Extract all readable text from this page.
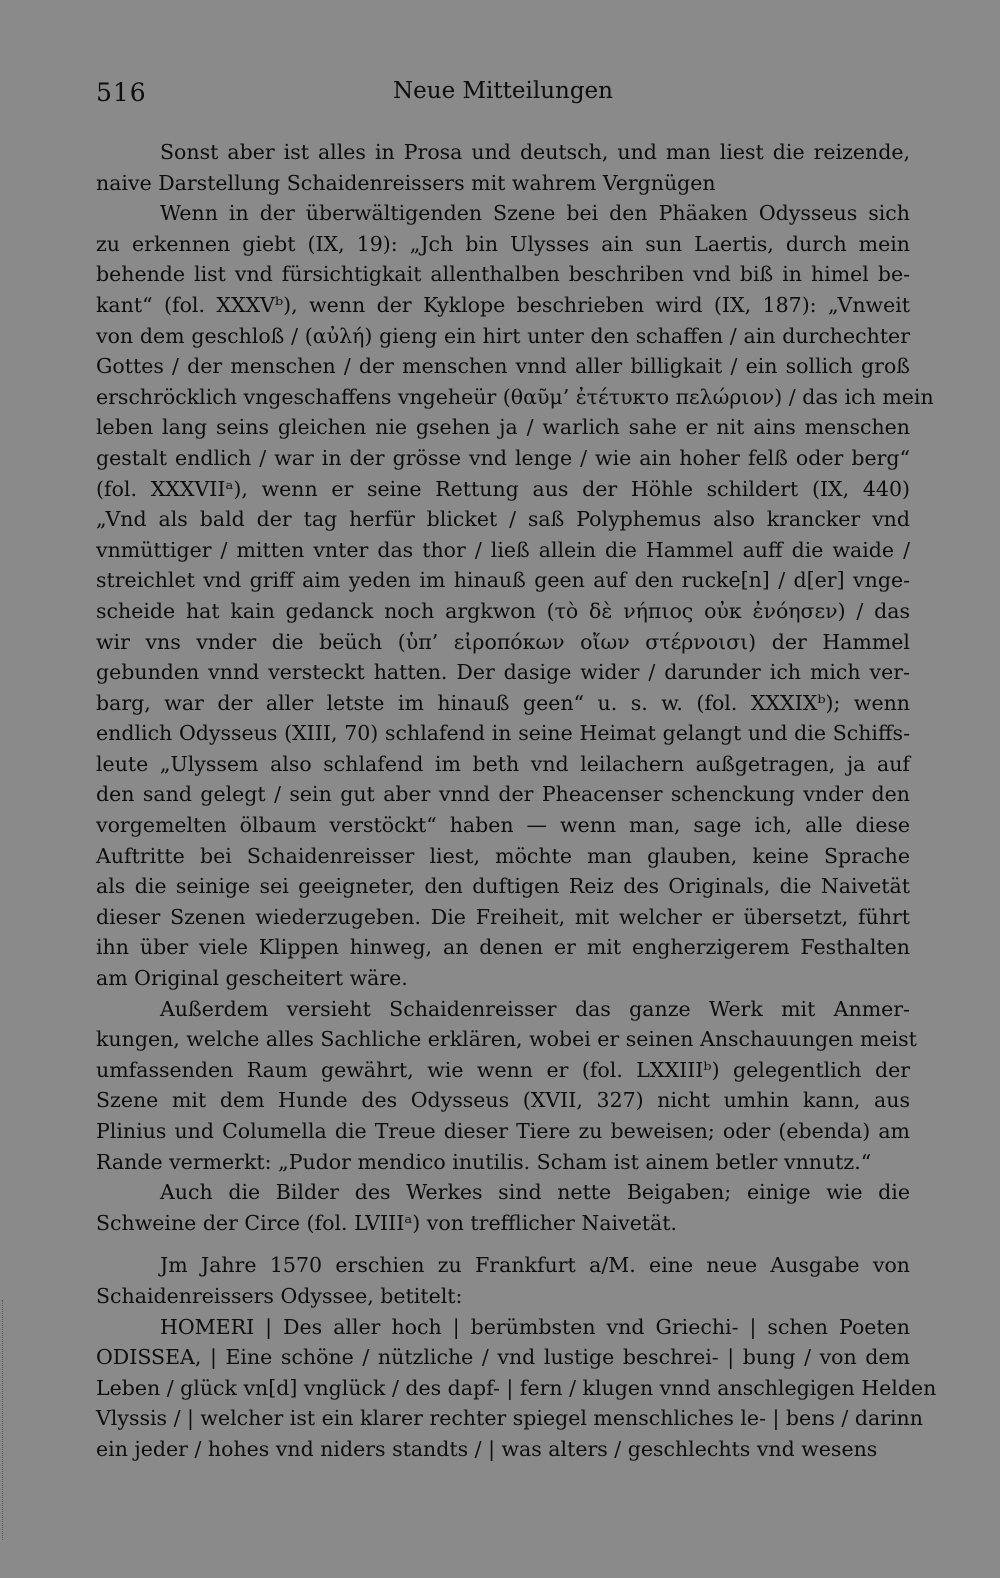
516	Neue Mitteilungen
Sonst aber ist alles in Prosa und deutsch, und man liest die reizende,
naive Darstellung Schaidenreissers mit wahrem Vergnügen
Wenn in der überwältigenden Szene bei den Phäaken Odysseus sich
zu erkennen giebt (IX, 19): „Jch bin Ulysses ain sun Laertis, durch mein
behende list vnd fürsichtigkait allenthalben beschriben vnd biß in himel be-
kant“ (fol. XXXVᵇ), wenn der Kyklope beschrieben wird (IX, 187): „Vnweit
von dem geschloß / (αὐλή) gieng ein hirt unter den schaffen / ain durchechter
Gottes / der menschen / der menschen vnnd aller billigkait / ein sollich groß
erschröcklich vngeschaffens vngeheür (θαῦμ’ ἐτέτυκτο πελώριον) / das ich mein
leben lang seins gleichen nie gsehen ja / warlich sahe er nit ains menschen
gestalt endlich / war in der grösse vnd lenge / wie ain hoher felß oder berg“
(fol. XXXVIIᵃ), wenn er seine Rettung aus der Höhle schildert (IX, 440)
„Vnd als bald der tag herfür blicket / saß Polyphemus also krancker vnd
vnmüttiger / mitten vnter das thor / ließ allein die Hammel auff die waide /
streichlet vnd griff aim yeden im hinauß geen auf den rucke[n] / d[er] vnge-
scheide hat kain gedanck noch argkwon (τὸ δὲ νήπιος οὐκ ἐνόησεν) / das
wir vns vnder die beüch (ὑπ’ εἰροπόκων οἴων στέρνοισι) der Hammel
gebunden vnnd versteckt hatten. Der dasige wider / darunder ich mich ver-
barg, war der aller letste im hinauß geen“ u. s. w. (fol. XXXIXᵇ); wenn
endlich Odysseus (XIII, 70) schlafend in seine Heimat gelangt und die Schiffs-
leute „Ulyssem also schlafend im beth vnd leilachern außgetragen, ja auf
den sand gelegt / sein gut aber vnnd der Pheacenser schenckung vnder den
vorgemelten ölbaum verstöckt“ haben — wenn man, sage ich, alle diese
Auftritte bei Schaidenreisser liest, möchte man glauben, keine Sprache
als die seinige sei geeigneter, den duftigen Reiz des Originals, die Naivetät
dieser Szenen wiederzugeben. Die Freiheit, mit welcher er übersetzt, führt
ihn über viele Klippen hinweg, an denen er mit engherzigerem Festhalten
am Original gescheitert wäre.
Außerdem versieht Schaidenreisser das ganze Werk mit Anmer-
kungen, welche alles Sachliche erklären, wobei er seinen Anschauungen meist
umfassenden Raum gewährt, wie wenn er (fol. LXXIIIᵇ) gelegentlich der
Szene mit dem Hunde des Odysseus (XVII, 327) nicht umhin kann, aus
Plinius und Columella die Treue dieser Tiere zu beweisen; oder (ebenda) am
Rande vermerkt: „Pudor mendico inutilis. Scham ist ainem betler vnnutz.“
Auch die Bilder des Werkes sind nette Beigaben; einige wie die
Schweine der Circe (fol. LVIIIᵃ) von trefflicher Naivetät.
Jm Jahre 1570 erschien zu Frankfurt a/M. eine neue Ausgabe von
Schaidenreissers Odyssee, betitelt:
HOMERI | Des aller hoch | berümbsten vnd Griechi- | schen Poeten
ODISSEA, | Eine schöne / nützliche / vnd lustige beschrei- | bung / von dem
Leben / glück vn[d] vnglück / des dapf- | fern / klugen vnnd anschlegigen Helden
Vlyssis / | welcher ist ein klarer rechter spiegel menschliches le- | bens / darinn
ein jeder / hohes vnd niders standts / | was alters / geschlechts vnd wesens
